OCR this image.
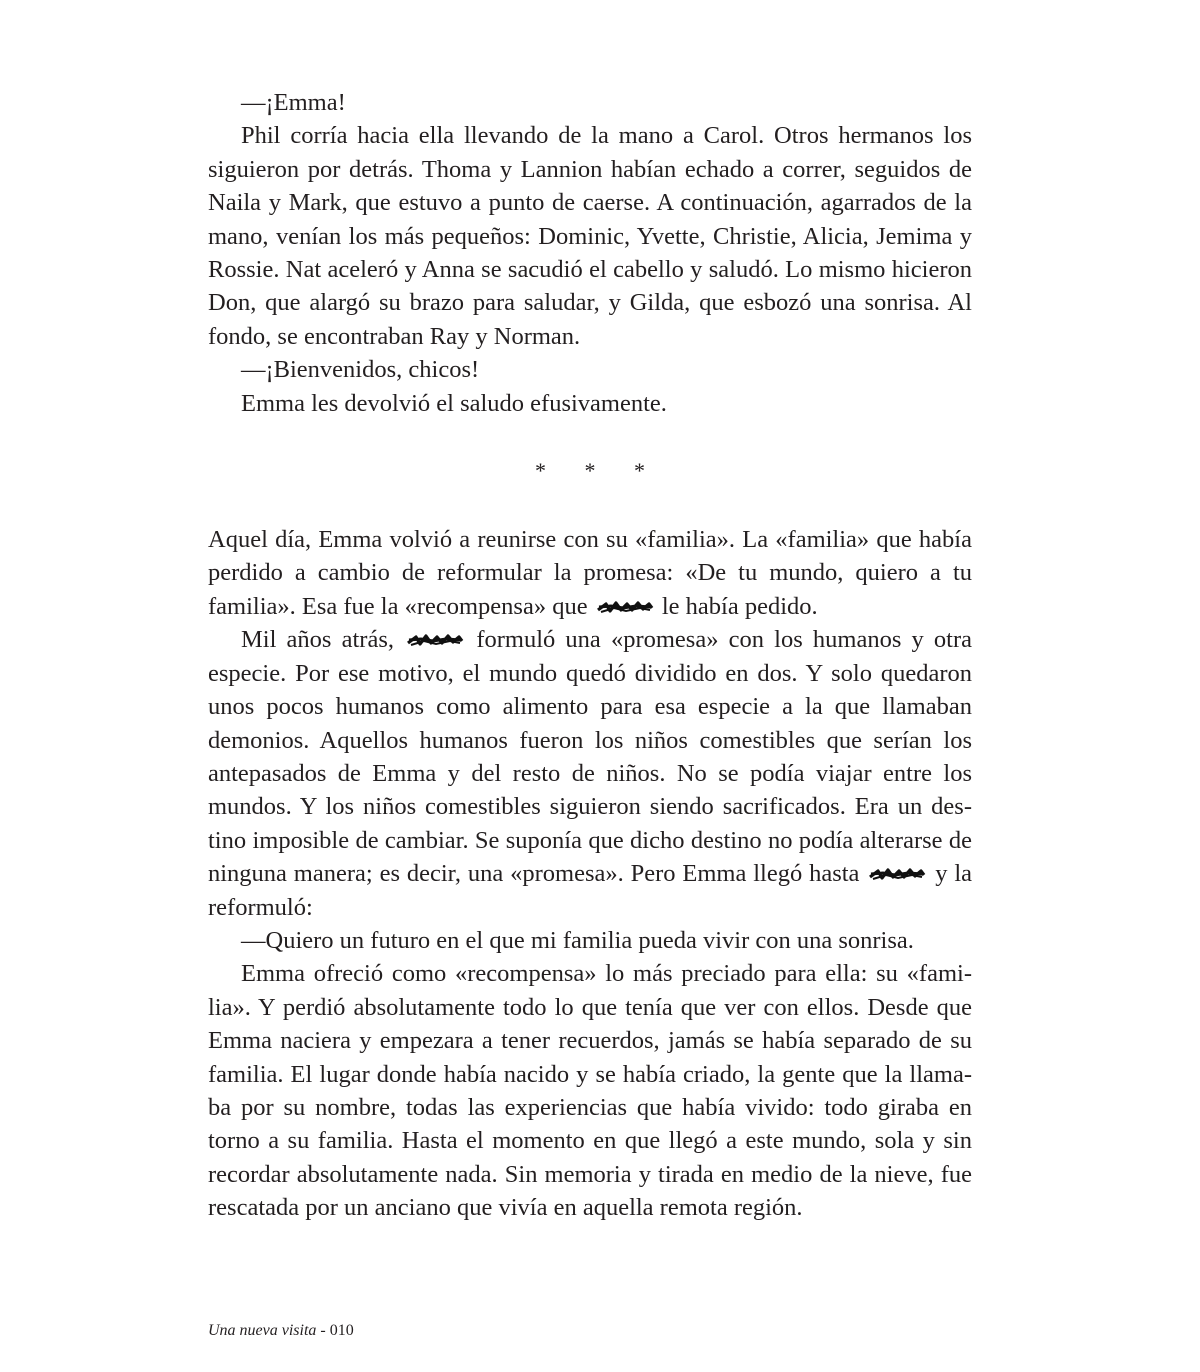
—¡Emma!

Phil corría hacia ella llevando de la mano a Carol. Otros hermanos los siguieron por detrás. Thoma y Lannion habían echado a correr, seguidos de Naila y Mark, que estuvo a punto de caerse. A continuación, agarrados de la mano, venían los más pequeños: Dominic, Yvette, Christie, Alicia, Jemima y Rossie. Nat aceleró y Anna se sacudió el cabello y saludó. Lo mismo hicieron Don, que alargó su brazo para saludar, y Gilda, que esbozó una sonrisa. Al fondo, se encontraban Ray y Norman.

—¡Bienvenidos, chicos!

Emma les devolvió el saludo efusivamente.

* * *

Aquel día, Emma volvió a reunirse con su «familia». La «familia» que había perdido a cambio de reformular la promesa: «De tu mundo, quiero a tu familia». Esa fue la «recompensa» que	le había pedido.

Mil años atrás,	formuló una «promesa» con los humanos y otra especie. Por ese motivo, el mundo quedó dividido en dos. Y solo quedaron unos pocos humanos como alimento para esa especie a la que llamaban demonios. Aquellos humanos fueron los niños comestibles que serían los antepasados de Emma y del resto de niños. No se podía viajar entre los mundos. Y los niños comestibles siguieron siendo sacrificados. Era un destino imposible de cambiar. Se suponía que dicho destino no podía alterarse de ninguna manera; es decir, una «promesa». Pero Emma llegó hasta	y la reformuló:

—Quiero un futuro en el que mi familia pueda vivir con una sonrisa.

Emma ofreció como «recompensa» lo más preciado para ella: su «familia». Y perdió absolutamente todo lo que tenía que ver con ellos. Desde que Emma naciera y empezara a tener recuerdos, jamás se había separado de su familia. El lugar donde había nacido y se había criado, la gente que la llamaba por su nombre, todas las experiencias que había vivido: todo giraba en torno a su familia. Hasta el momento en que llegó a este mundo, sola y sin recordar absolutamente nada. Sin memoria y tirada en medio de la nieve, fue rescatada por un anciano que vivía en aquella remota región.

Una nueva visita - 010
